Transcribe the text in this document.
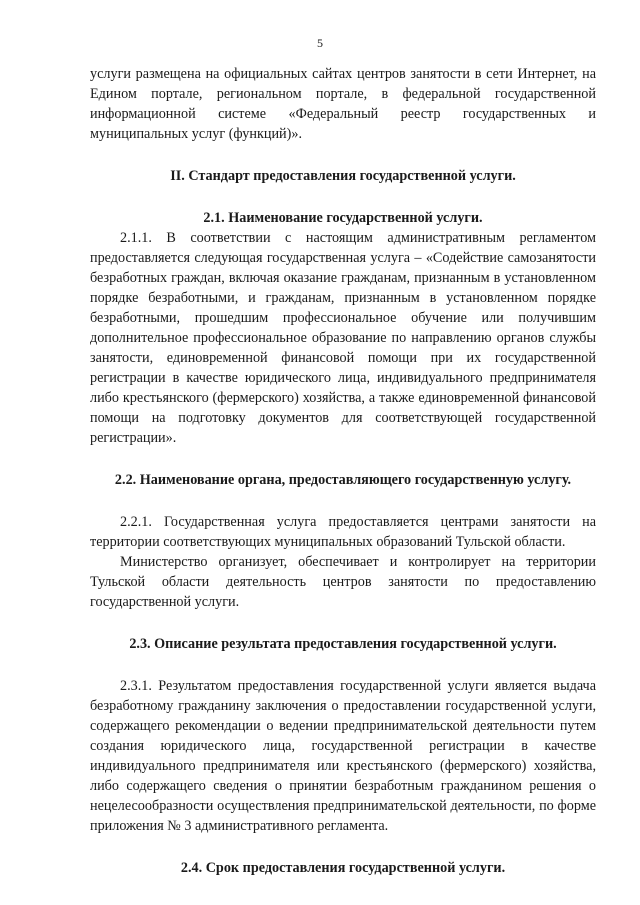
5

услуги размещена на официальных сайтах центров занятости в сети Интернет, на Едином портале, региональном портале, в федеральной государственной информационной системе «Федеральный реестр государственных и муниципальных услуг (функций)».

II. Стандарт предоставления государственной услуги.
2.1. Наименование государственной услуги.

2.1.1. В соответствии с настоящим административным регламентом предоставляется следующая государственная услуга – «Содействие самозанятости безработных граждан, включая оказание гражданам, признанным в установленном порядке безработными, и гражданам, признанным в установленном порядке безработными, прошедшим профессиональное обучение или получившим дополнительное профессиональное образование по направлению органов службы занятости, единовременной финансовой помощи при их государственной регистрации в качестве юридического лица, индивидуального предпринимателя либо крестьянского (фермерского) хозяйства, а также единовременной финансовой помощи на подготовку документов для соответствующей государственной регистрации».

2.2. Наименование органа, предоставляющего государственную услугу.

2.2.1. Государственная услуга предоставляется центрами занятости на территории соответствующих муниципальных образований Тульской области.

Министерство организует, обеспечивает и контролирует на территории Тульской области деятельность центров занятости по предоставлению государственной услуги.

2.3. Описание результата предоставления государственной услуги.

2.3.1. Результатом предоставления государственной услуги является выдача безработному гражданину заключения о предоставлении государственной услуги, содержащего рекомендации о ведении предпринимательской деятельности путем создания юридического лица, государственной регистрации в качестве индивидуального предпринимателя или крестьянского (фермерского) хозяйства, либо содержащего сведения о принятии безработным гражданином решения о нецелесообразности осуществления предпринимательской деятельности, по форме приложения № 3 административного регламента.

2.4. Срок предоставления государственной услуги.
